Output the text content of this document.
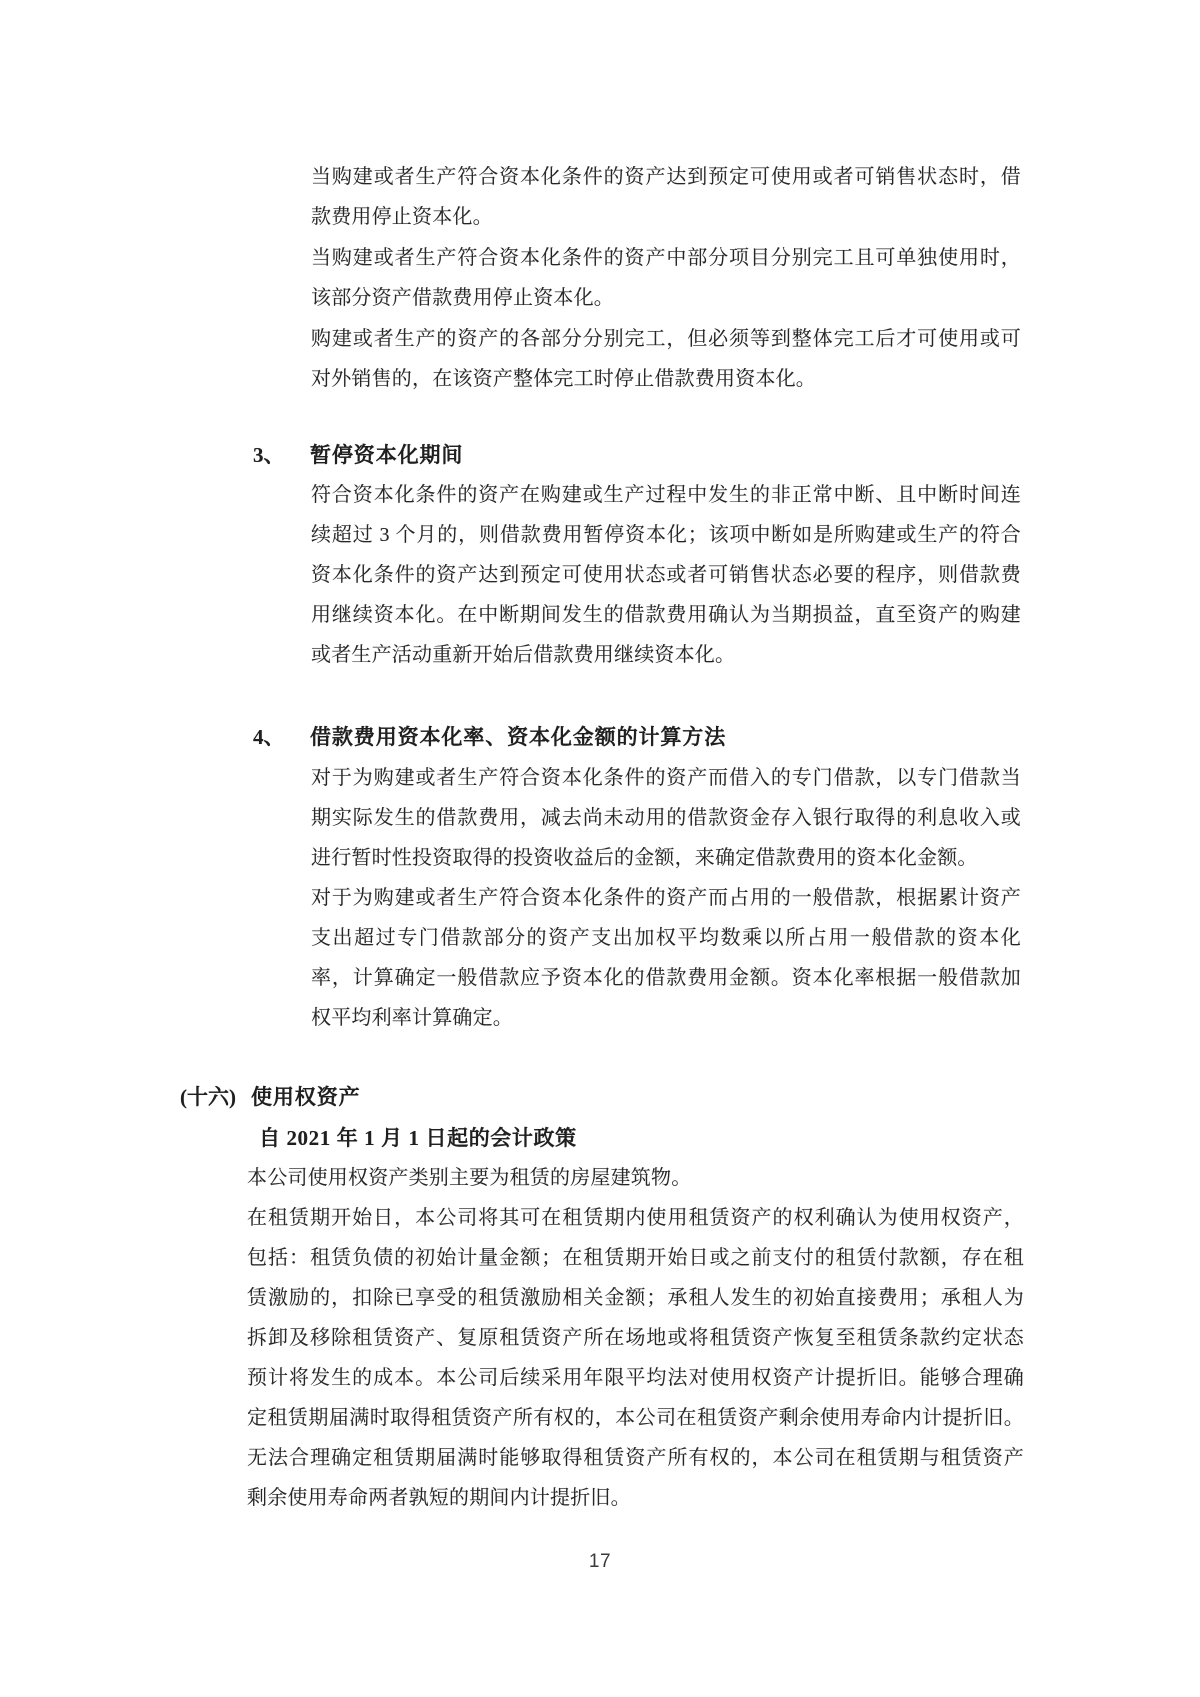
当购建或者生产符合资本化条件的资产达到预定可使用或者可销售状态时，借
款费用停止资本化。
当购建或者生产符合资本化条件的资产中部分项目分别完工且可单独使用时，
该部分资产借款费用停止资本化。
购建或者生产的资产的各部分分别完工，但必须等到整体完工后才可使用或可
对外销售的，在该资产整体完工时停止借款费用资本化。
3、 暂停资本化期间
符合资本化条件的资产在购建或生产过程中发生的非正常中断、且中断时间连
续超过 3 个月的，则借款费用暂停资本化；该项中断如是所购建或生产的符合
资本化条件的资产达到预定可使用状态或者可销售状态必要的程序，则借款费
用继续资本化。在中断期间发生的借款费用确认为当期损益，直至资产的购建
或者生产活动重新开始后借款费用继续资本化。
4、 借款费用资本化率、资本化金额的计算方法
对于为购建或者生产符合资本化条件的资产而借入的专门借款，以专门借款当
期实际发生的借款费用，减去尚未动用的借款资金存入银行取得的利息收入或
进行暂时性投资取得的投资收益后的金额，来确定借款费用的资本化金额。
对于为购建或者生产符合资本化条件的资产而占用的一般借款，根据累计资产
支出超过专门借款部分的资产支出加权平均数乘以所占用一般借款的资本化
率，计算确定一般借款应予资本化的借款费用金额。资本化率根据一般借款加
权平均利率计算确定。
(十六) 使用权资产
自 2021 年 1 月 1 日起的会计政策
本公司使用权资产类别主要为租赁的房屋建筑物。
在租赁期开始日，本公司将其可在租赁期内使用租赁资产的权利确认为使用权资产，
包括：租赁负债的初始计量金额；在租赁期开始日或之前支付的租赁付款额，存在租
赁激励的，扣除已享受的租赁激励相关金额；承租人发生的初始直接费用；承租人为
拆卸及移除租赁资产、复原租赁资产所在场地或将租赁资产恢复至租赁条款约定状态
预计将发生的成本。本公司后续采用年限平均法对使用权资产计提折旧。能够合理确
定租赁期届满时取得租赁资产所有权的，本公司在租赁资产剩余使用寿命内计提折旧。
无法合理确定租赁期届满时能够取得租赁资产所有权的，本公司在租赁期与租赁资产
剩余使用寿命两者孰短的期间内计提折旧。
17
